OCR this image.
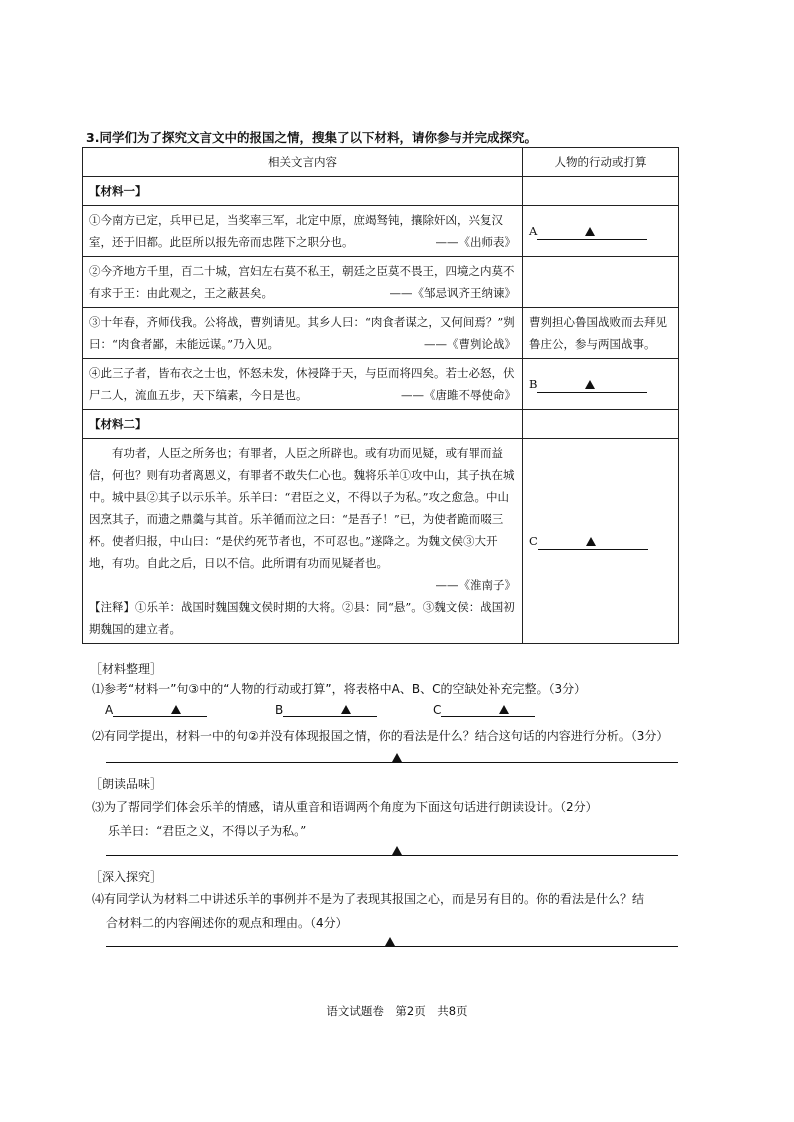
3.同学们为了探究文言文中的报国之情，搜集了以下材料，请你参与并完成探究。
相关文言内容	人物的行动或打算
【材料一】	
①今南方已定，兵甲已足，当奖率三军，北定中原，庶竭驽钝，攘除奸凶，兴复汉室，还于旧都。此臣所以报先帝而忠陛下之职分也。 ——《出师表》	A

②今齐地方千里，百二十城，宫妇左右莫不私王，朝廷之臣莫不畏王，四境之内莫不有求于王：由此观之，王之蔽甚矣。 ——《邹忌讽齐王纳谏》	

③十年春，齐师伐我。公将战，曹刿请见。其乡人曰：“肉食者谋之，又何间焉？”刿曰：“肉食者鄙，未能远谋。”乃入见。 ——《曹刿论战》	曹刿担心鲁国战败而去拜见鲁庄公，参与两国战事。
④此三子者，皆布衣之士也，怀怒未发，休祲降于天，与臣而将四矣。若士必怒，伏尸二人，流血五步，天下缟素，今日是也。 ——《唐雎不辱使命》	B

【材料二】	

有功者，人臣之所务也；有罪者，人臣之所辟也。或有功而见疑，或有罪而益信，何也？则有功者离恩义，有罪者不敢失仁心也。魏将乐羊①攻中山，其子执在城中。城中县②其子以示乐羊。乐羊曰：“君臣之义，不得以子为私。”攻之愈急。中山因烹其子，而遗之鼎羹与其首。乐羊循而泣之曰：“是吾子！”已，为使者跪而啜三杯。使者归报，中山曰：“是伏约死节者也，不可忍也。”遂降之。为魏文侯③大开地，有功。自此之后，日以不信。此所谓有功而见疑者也。

——《淮南子》
【注释】①乐羊：战国时魏国魏文侯时期的大将。②县：同“悬”。③魏文侯：战国初期魏国的建立者。	C
［材料整理］
⑴参考“材料一”句③中的“人物的行动或打算”，将表格中A、B、C的空缺处补充完整。（3分）
A	B	C
⑵有同学提出，材料一中的句②并没有体现报国之情，你的看法是什么？结合这句话的内容进行分析。（3分）
［朗读品味］
⑶为了帮同学们体会乐羊的情感，请从重音和语调两个角度为下面这句话进行朗读设计。（2分）
乐羊曰：“君臣之义，不得以子为私。”
［深入探究］
⑷有同学认为材料二中讲述乐羊的事例并不是为了表现其报国之心，而是另有目的。你的看法是什么？结
合材料二的内容阐述你的观点和理由。（4分）
语文试题卷　第2页　共8页
